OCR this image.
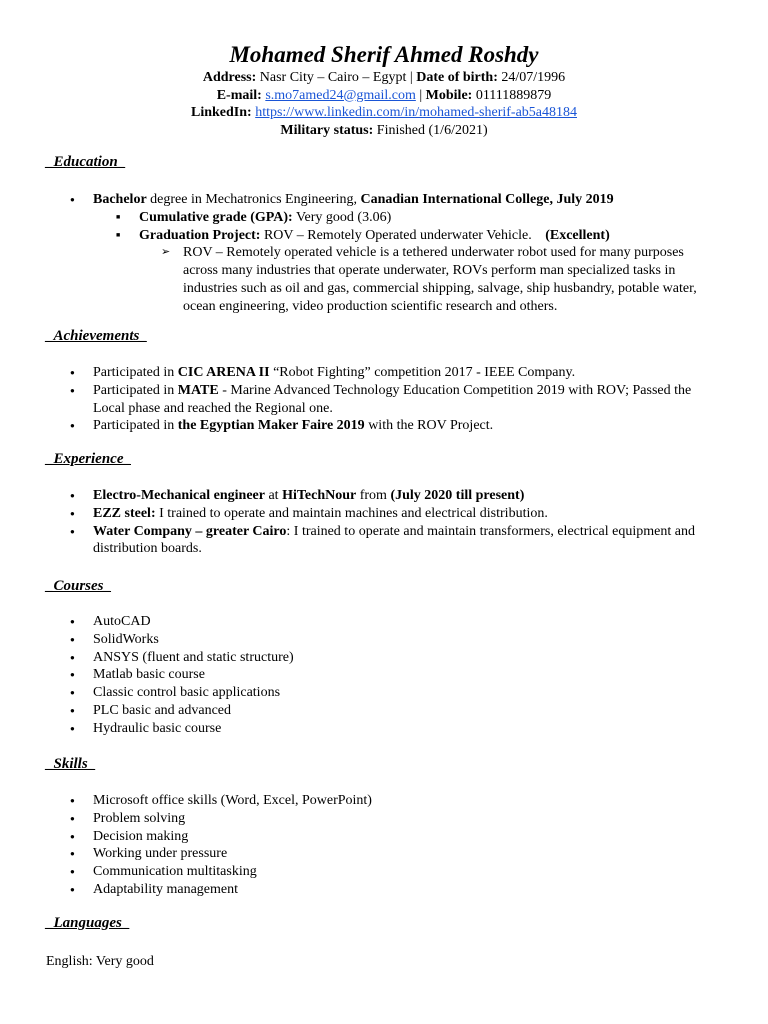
Mohamed Sherif Ahmed Roshdy
Address: Nasr City – Cairo – Egypt | Date of birth: 24/07/1996
E-mail: s.mo7amed24@gmail.com | Mobile: 01111889879
LinkedIn: https://www.linkedin.com/in/mohamed-sherif-ab5a48184
Military status: Finished (1/6/2021)
_Education_
● Bachelor degree in Mechatronics Engineering, Canadian International College, July 2019
■ Cumulative grade (GPA): Very good (3.06)
■ Graduation Project: ROV – Remotely Operated underwater Vehicle. (Excellent)
➢ ROV – Remotely operated vehicle is a tethered underwater robot used for many purposes across many industries that operate underwater, ROVs perform man specialized tasks in industries such as oil and gas, commercial shipping, salvage, ship husbandry, potable water, ocean engineering, video production scientific research and others.
_Achievements_
● Participated in CIC ARENA II “Robot Fighting” competition 2017 - IEEE Company.
● Participated in MATE - Marine Advanced Technology Education Competition 2019 with ROV; Passed the Local phase and reached the Regional one.
● Participated in the Egyptian Maker Faire 2019 with the ROV Project.
_Experience_
● Electro-Mechanical engineer at HiTechNour from (July 2020 till present)
● EZZ steel: I trained to operate and maintain machines and electrical distribution.
● Water Company – greater Cairo: I trained to operate and maintain transformers, electrical equipment and distribution boards.
_Courses_
● AutoCAD
● SolidWorks
● ANSYS (fluent and static structure)
● Matlab basic course
● Classic control basic applications
● PLC basic and advanced
● Hydraulic basic course
_Skills_
● Microsoft office skills (Word, Excel, PowerPoint)
● Problem solving
● Decision making
● Working under pressure
● Communication multitasking
● Adaptability management
_Languages_
English: Very good
